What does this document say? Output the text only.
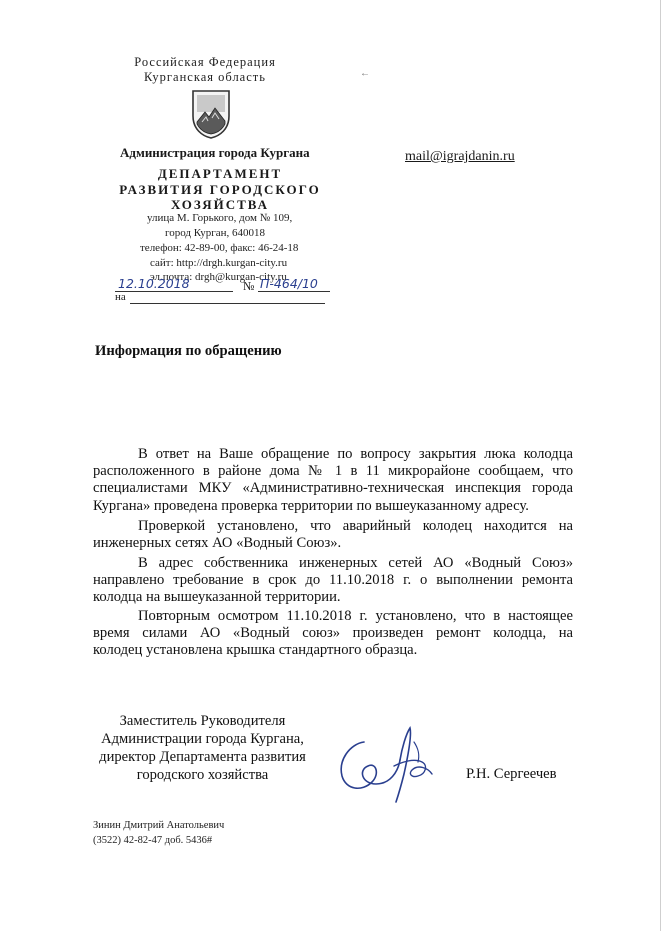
Российская Федерация
Курганская область
Администрация города Кургана
ДЕПАРТАМЕНТ
РАЗВИТИЯ ГОРОДСКОГО
ХОЗЯЙСТВА
улица М. Горького, дом № 109,
город Курган, 640018
телефон: 42-89-00, факс: 46-24-18
сайт: http://drgh.kurgan-city.ru
эл.почта: drgh@kurgan-city.ru
12.10.2018	№ П-464/10
на
←
mail@igrajdanin.ru
Информация по обращению
В ответ на Ваше обращение по вопросу закрытия люка колодца
расположенного в районе дома № 1 в 11 микрорайоне сообщаем, что
специалистами МКУ «Административно-техническая инспекция города
Кургана» проведена проверка территории по вышеуказанному адресу.
Проверкой установлено, что аварийный колодец находится на
инженерных сетях АО «Водный Союз».
В адрес собственника инженерных сетей АО «Водный Союз»
направлено требование в срок до 11.10.2018 г. о выполнении ремонта
колодца на вышеуказанной территории.
Повторным осмотром 11.10.2018 г. установлено, что в настоящее
время силами АО «Водный союз» произведен ремонт колодца, на
колодец установлена крышка стандартного образца.
Заместитель Руководителя
Администрации города Кургана,
директор Департамента развития
городского хозяйства	Р.Н. Сергеечев
Зинин Дмитрий Анатольевич
(3522) 42-82-47 доб. 5436#
